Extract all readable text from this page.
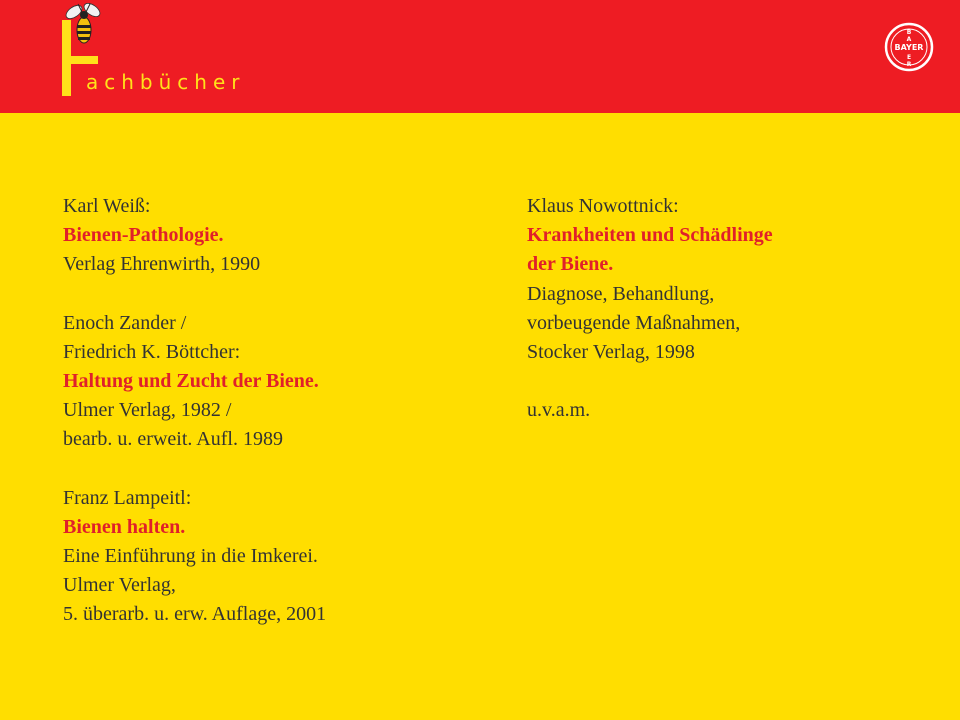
achbücher
BAYER
B
A
E
R
Karl Weiß:
Bienen-Pathologie.
Verlag Ehrenwirth, 1990
Enoch Zander /
Friedrich K. Böttcher:
Haltung und Zucht der Biene.
Ulmer Verlag, 1982 /
bearb. u. erweit. Aufl. 1989
Franz Lampeitl:
Bienen halten.
Eine Einführung in die Imkerei.
Ulmer Verlag,
5. überarb. u. erw. Auflage, 2001
Klaus Nowottnick:
Krankheiten und Schädlinge
der Biene.
Diagnose, Behandlung,
vorbeugende Maßnahmen,
Stocker Verlag, 1998
u.v.a.m.
